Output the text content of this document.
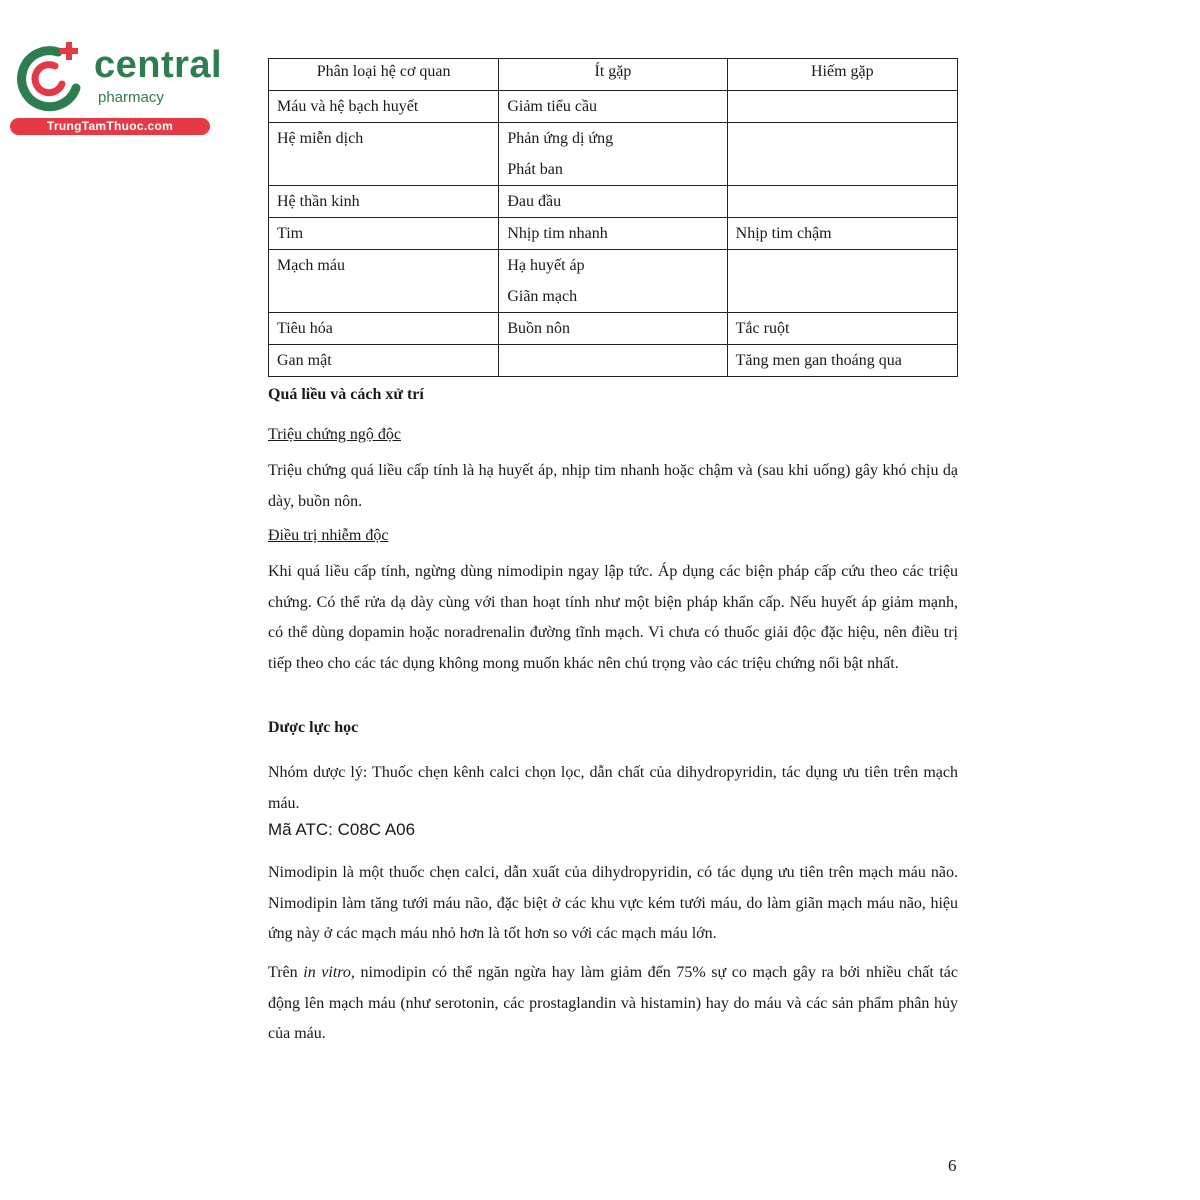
central
pharmacy
TrungTamThuoc.com
Phân loại hệ cơ quan	Ít gặp	Hiếm gặp
Máu và hệ bạch huyết	Giảm tiểu cầu	

Hệ miễn dịch	Phản ứng dị ứng
Phát ban	

Hệ thần kinh	Đau đầu	

Tim	Nhịp tim nhanh	Nhịp tim chậm

Mạch máu	Hạ huyết áp
Giãn mạch	

Tiêu hóa	Buồn nôn	Tắc ruột

Gan mật		Tăng men gan thoáng qua
Quá liều và cách xử trí
Triệu chứng ngộ độc
Triệu chứng quá liều cấp tính là hạ huyết áp, nhịp tim nhanh hoặc chậm và (sau khi uống) gây khó chịu dạ dày, buồn nôn.
Điều trị nhiễm độc
Khi quá liều cấp tính, ngừng dùng nimodipin ngay lập tức. Áp dụng các biện pháp cấp cứu theo các triệu chứng. Có thể rửa dạ dày cùng với than hoạt tính như một biện pháp khẩn cấp. Nếu huyết áp giảm mạnh, có thể dùng dopamin hoặc noradrenalin đường tĩnh mạch. Vì chưa có thuốc giải độc đặc hiệu, nên điều trị tiếp theo cho các tác dụng không mong muốn khác nên chú trọng vào các triệu chứng nổi bật nhất.
Dược lực học
Nhóm dược lý: Thuốc chẹn kênh calci chọn lọc, dẫn chất của dihydropyridin, tác dụng ưu tiên trên mạch máu.
Mã ATC: C08C A06
Nimodipin là một thuốc chẹn calci, dẫn xuất của dihydropyridin, có tác dụng ưu tiên trên mạch máu não. Nimodipin làm tăng tưới máu não, đặc biệt ở các khu vực kém tưới máu, do làm giãn mạch máu não, hiệu ứng này ở các mạch máu nhỏ hơn là tốt hơn so với các mạch máu lớn.
Trên in vitro, nimodipin có thể ngăn ngừa hay làm giảm đến 75% sự co mạch gây ra bởi nhiều chất tác động lên mạch máu (như serotonin, các prostaglandin và histamin) hay do máu và các sản phẩm phân hủy của máu.
6
